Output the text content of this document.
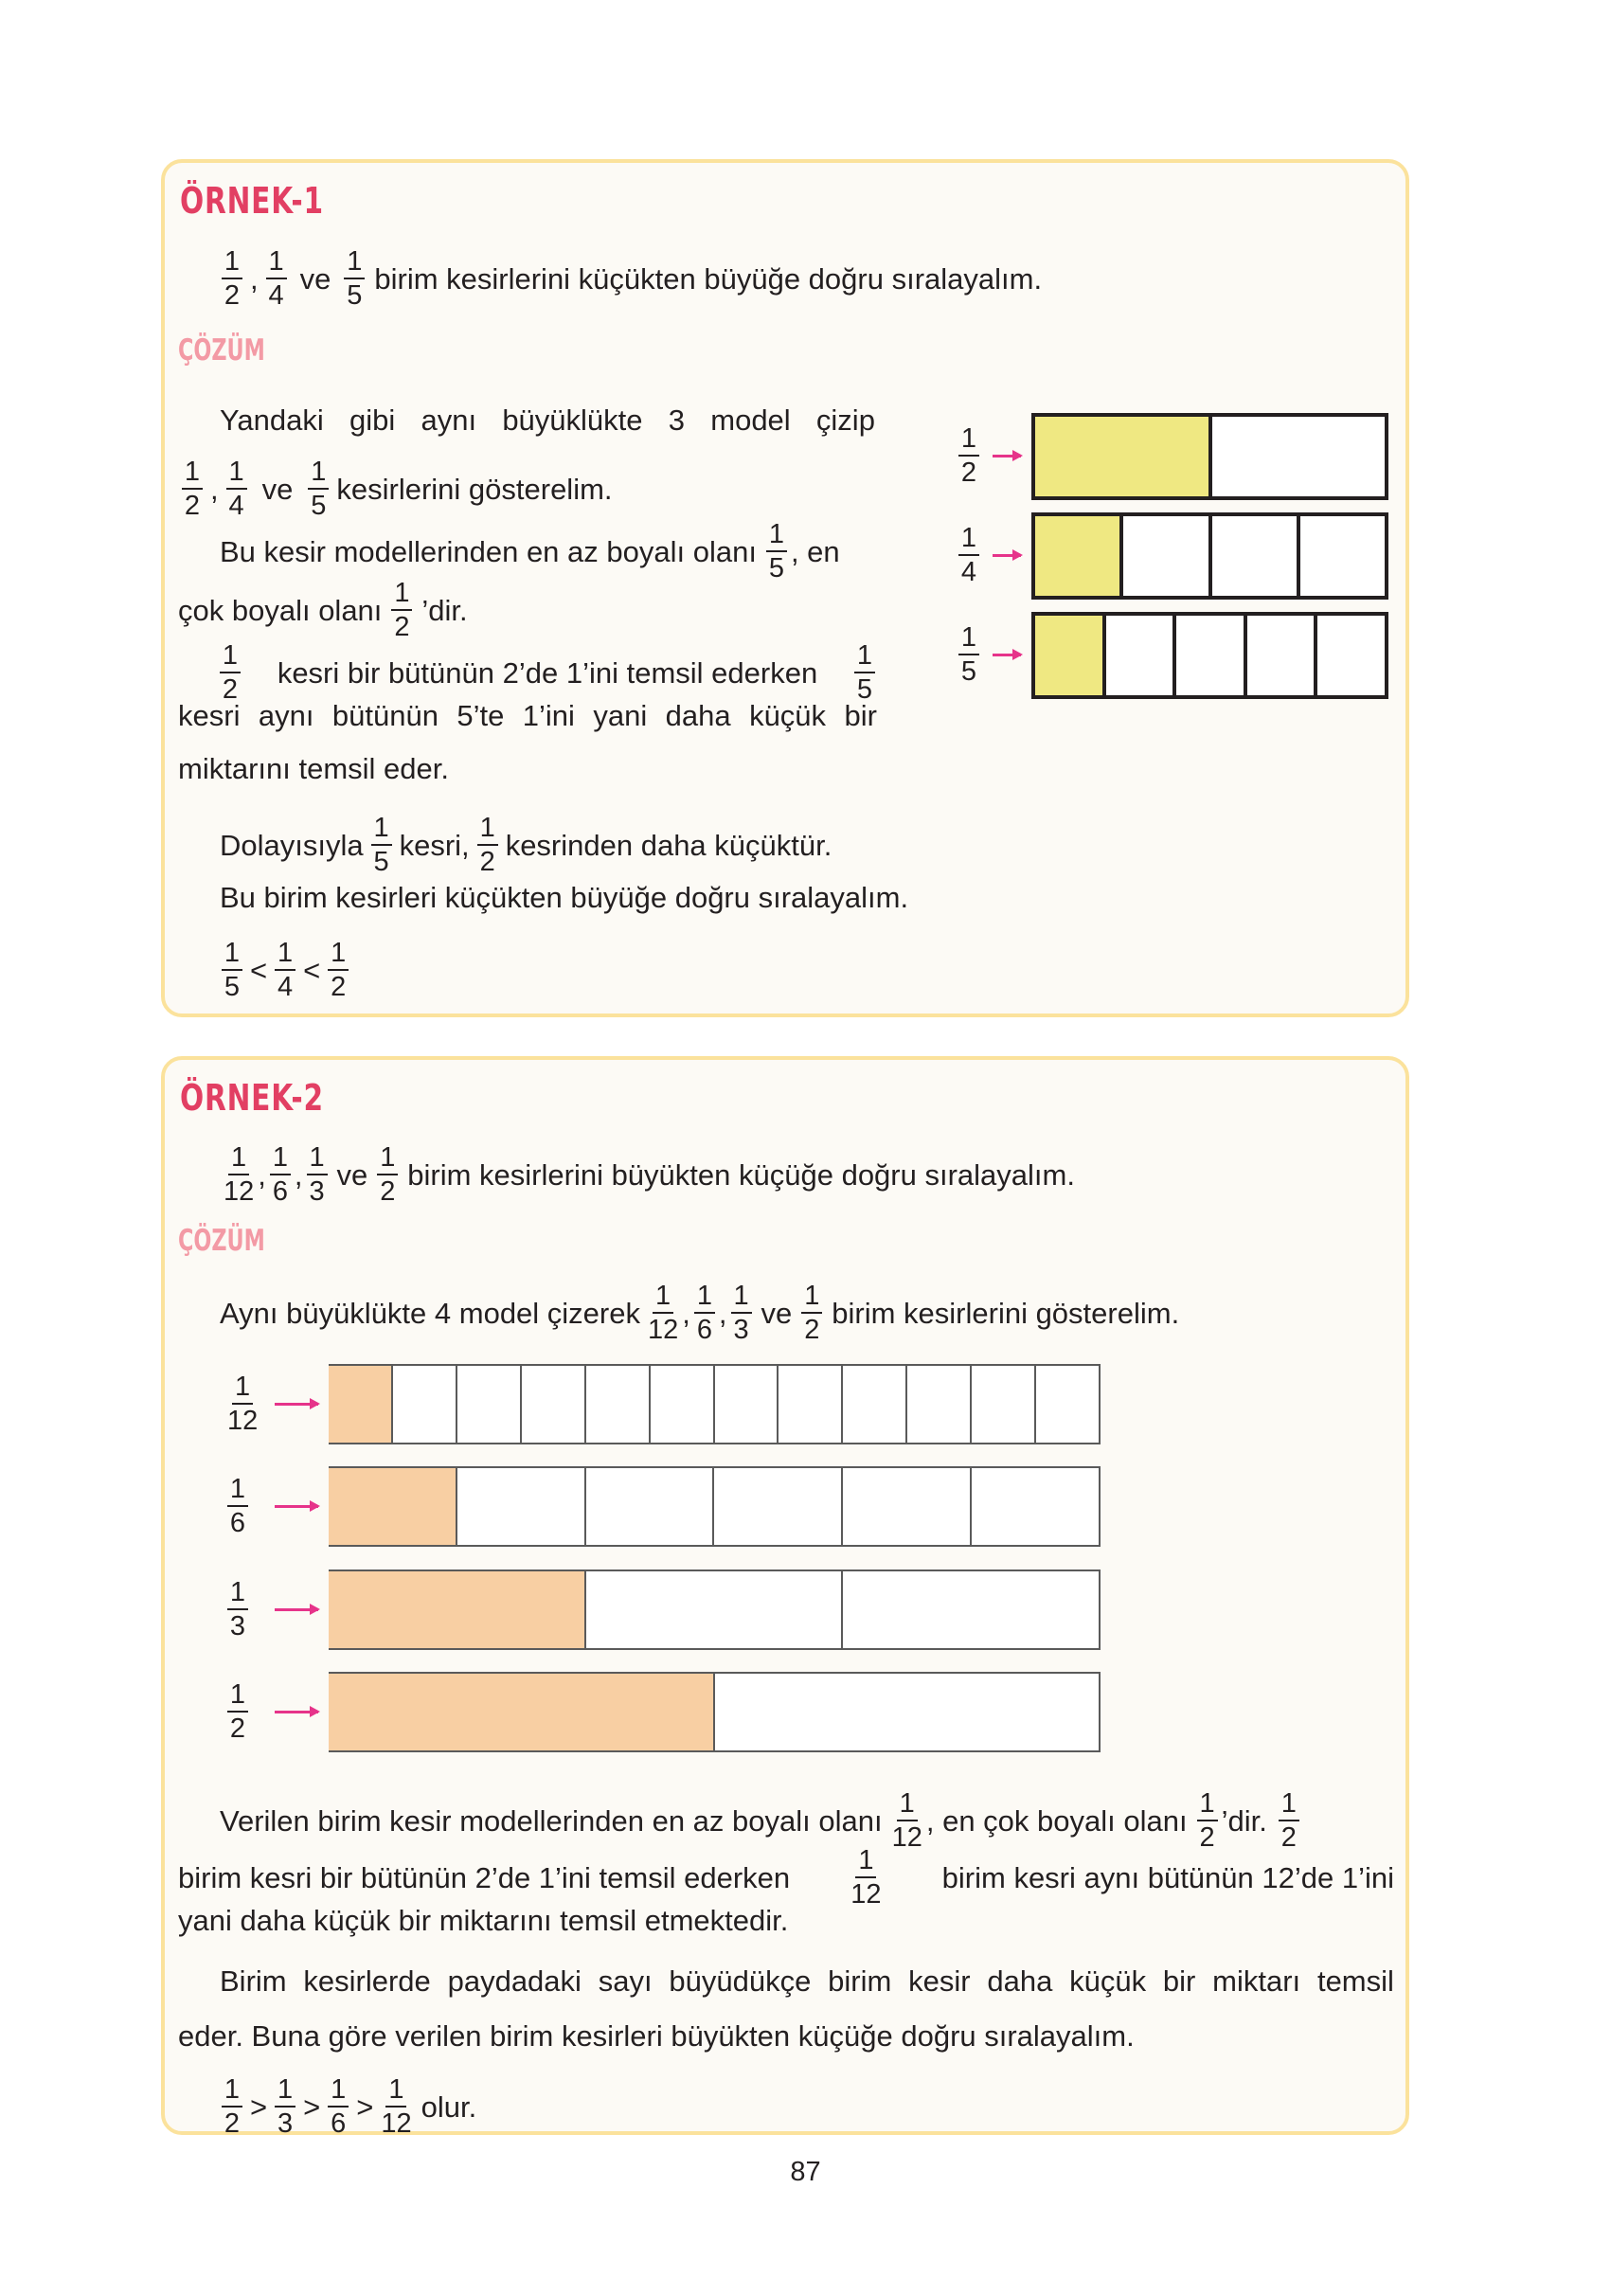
ÖRNEK-1
$\frac{1}{2}$ , $\frac{1}{4}$ ve $\frac{1}{5}$ birim kesirlerini küçükten büyüğe doğru sıralayalım.
ÇÖZÜM
Yandaki gibi aynı büyüklükte 3 model çizip
$\frac{1}{2}$ , $\frac{1}{4}$ ve $\frac{1}{5}$ kesirlerini gösterelim.
Bu kesir modellerinden en az boyalı olanı $\frac{1}{5}$ , en
çok boyalı olanı $\frac{1}{2}$ ’dir.
$\frac{1}{2}$ kesri bir bütünün 2’de 1’ini temsil ederken $\frac{1}{5}$
kesri aynı bütünün 5’te 1’ini yani daha küçük bir
miktarını temsil eder.
Dolayısıyla $\frac{1}{5}$ kesri, $\frac{1}{2}$ kesrinden daha küçüktür.
Bu birim kesirleri küçükten büyüğe doğru sıralayalım.
$\frac{1}{5} < \frac{1}{4} < \frac{1}{2}$
$\frac{1}{2}$
$\frac{1}{4}$
$\frac{1}{5}$
ÖRNEK-2
$\frac{1}{12}$ , $\frac{1}{6}$ , $\frac{1}{3}$ ve $\frac{1}{2}$ birim kesirlerini büyükten küçüğe doğru sıralayalım.
ÇÖZÜM
Aynı büyüklükte 4 model çizerek $\frac{1}{12}$ , $\frac{1}{6}$ , $\frac{1}{3}$ ve $\frac{1}{2}$ birim kesirlerini gösterelim.
$\frac{1}{12}$
$\frac{1}{6}$
$\frac{1}{3}$
$\frac{1}{2}$
Verilen birim kesir modellerinden en az boyalı olanı $\frac{1}{12}$ , en çok boyalı olanı $\frac{1}{2}$ ’dir. $\frac{1}{2}$
birim kesri bir bütünün 2’de 1’ini temsil ederken $\frac{1}{12}$ birim kesri aynı bütünün 12’de 1’ini
yani daha küçük bir miktarını temsil etmektedir.
Birim kesirlerde paydadaki sayı büyüdükçe birim kesir daha küçük bir miktarı temsil
eder. Buna göre verilen birim kesirleri büyükten küçüğe doğru sıralayalım.
$\frac{1}{2} > \frac{1}{3} > \frac{1}{6} > \frac{1}{12}$ olur.
87
